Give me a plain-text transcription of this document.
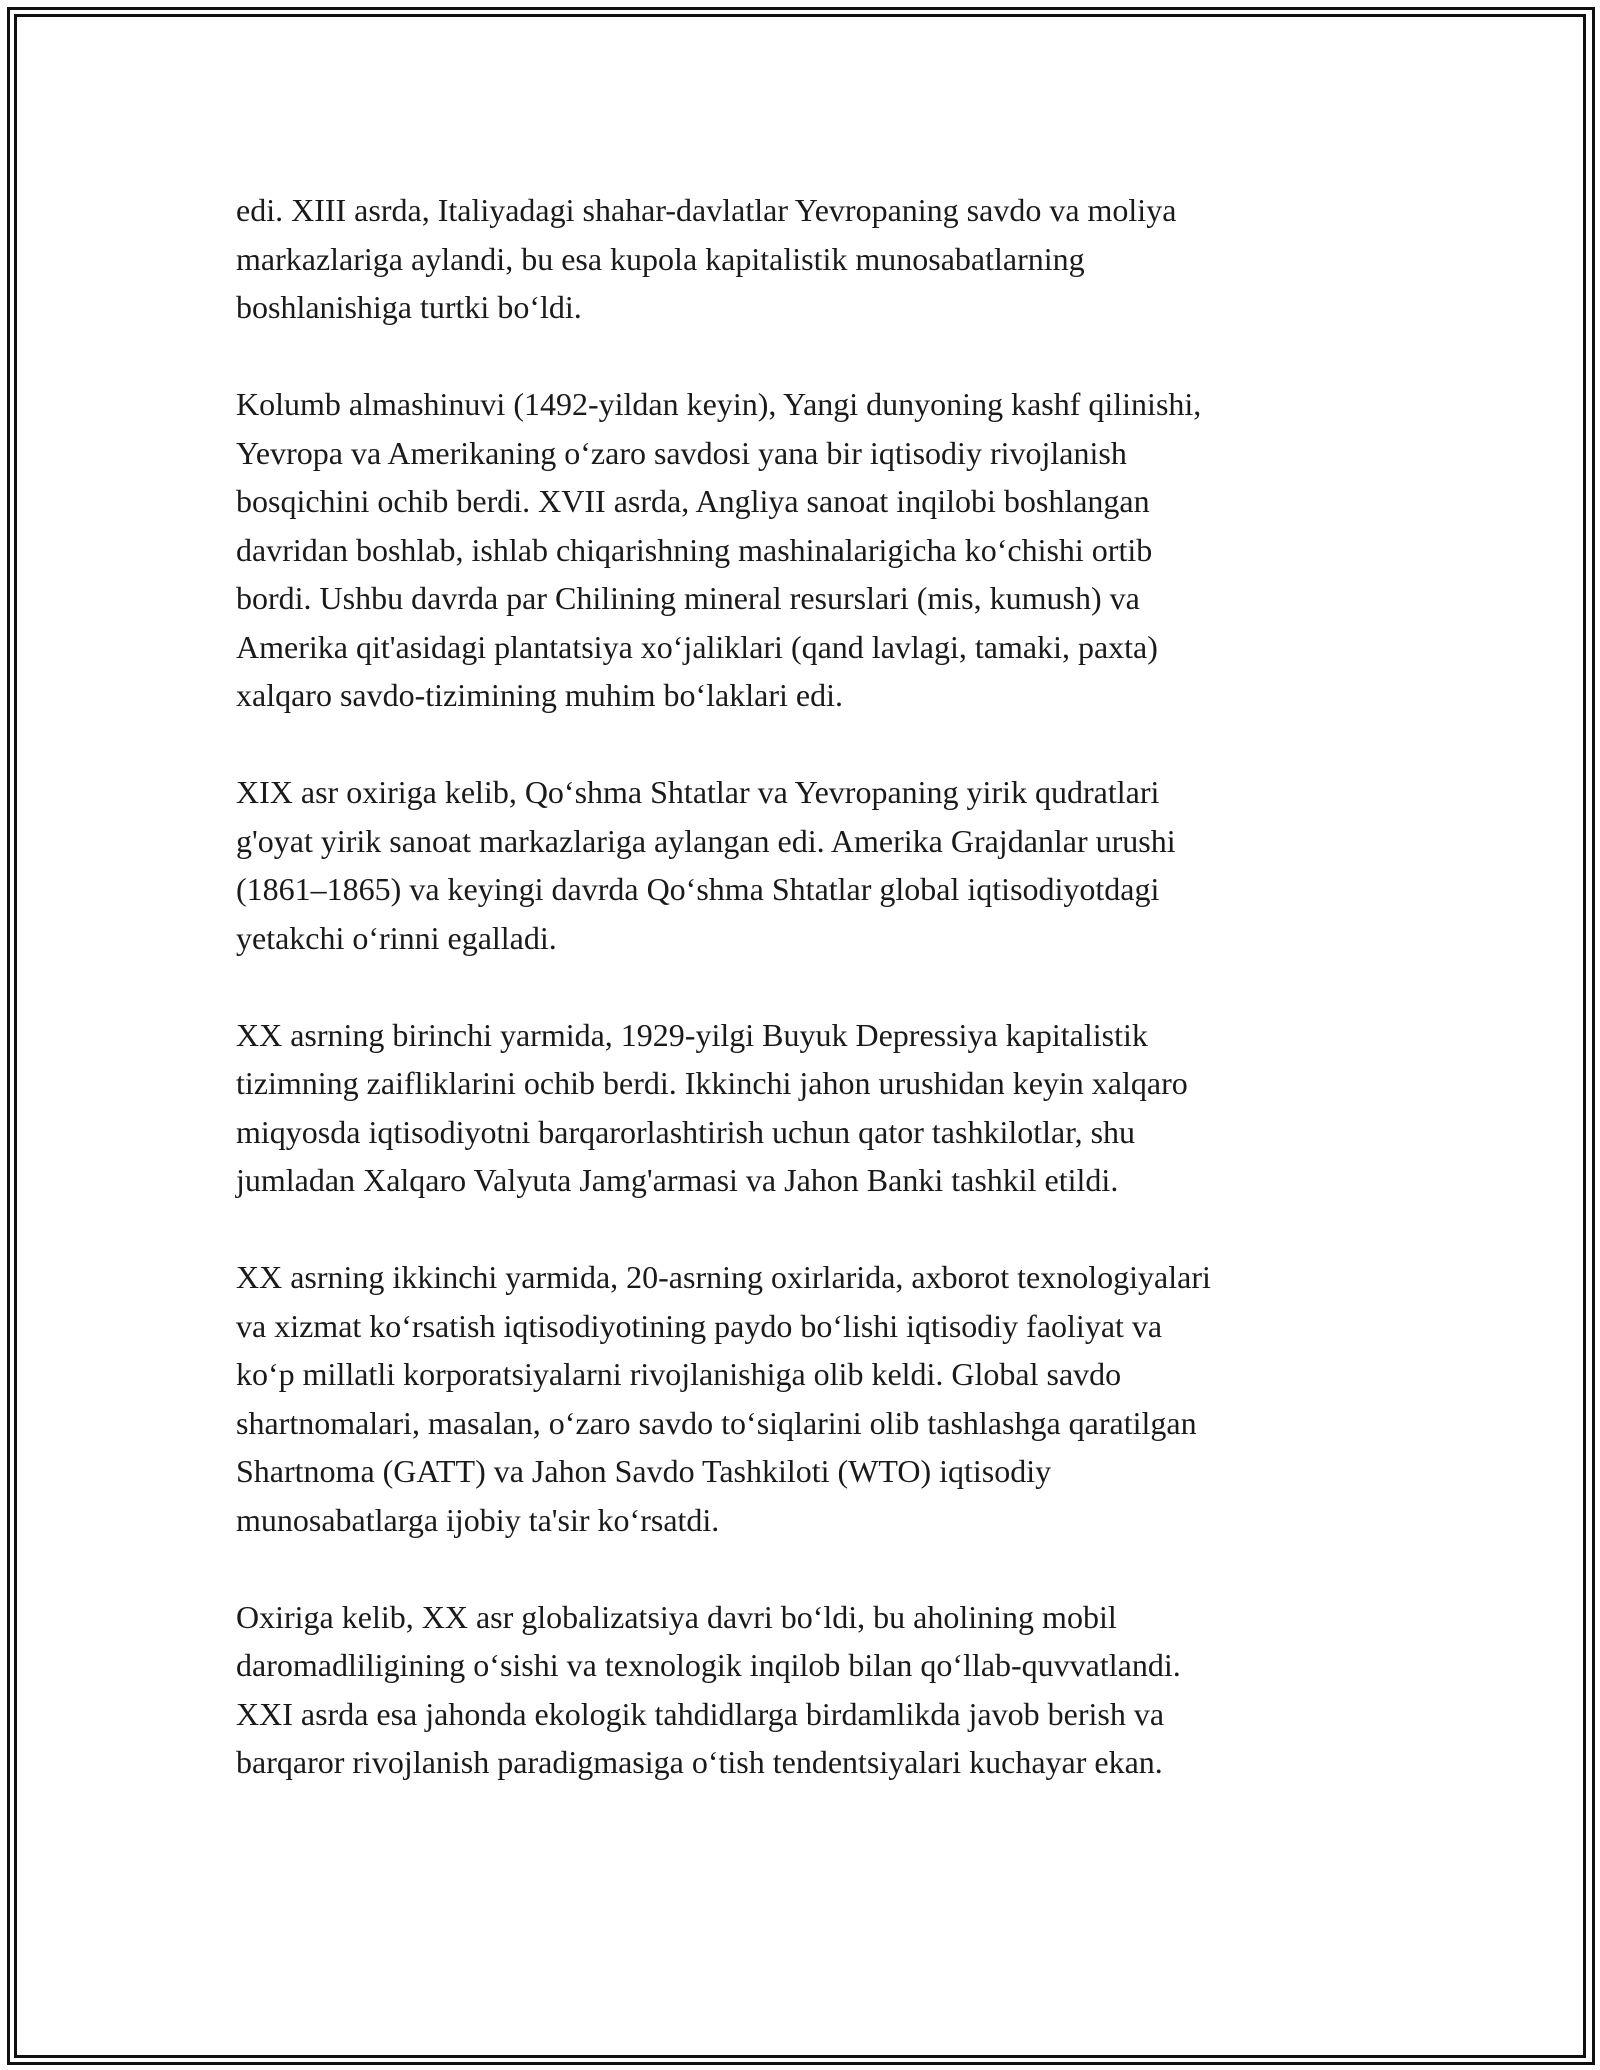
edi. XIII asrda, Italiyadagi shahar-davlatlar Yevropaning savdo va moliya
markazlariga aylandi, bu esa kupola kapitalistik munosabatlarning
boshlanishiga turtki bo‘ldi.

Kolumb almashinuvi (1492-yildan keyin), Yangi dunyoning kashf qilinishi,
Yevropa va Amerikaning o‘zaro savdosi yana bir iqtisodiy rivojlanish
bosqichini ochib berdi. XVII asrda, Angliya sanoat inqilobi boshlangan
davridan boshlab, ishlab chiqarishning mashinalarigicha ko‘chishi ortib
bordi. Ushbu davrda par Chilining mineral resurslari (mis, kumush) va
Amerika qit'asidagi plantatsiya xo‘jaliklari (qand lavlagi, tamaki, paxta)
xalqaro savdo-tizimining muhim bo‘laklari edi.

XIX asr oxiriga kelib, Qo‘shma Shtatlar va Yevropaning yirik qudratlari
g'oyat yirik sanoat markazlariga aylangan edi. Amerika Grajdanlar urushi
(1861–1865) va keyingi davrda Qo‘shma Shtatlar global iqtisodiyotdagi
yetakchi o‘rinni egalladi.

XX asrning birinchi yarmida, 1929-yilgi Buyuk Depressiya kapitalistik
tizimning zaifliklarini ochib berdi. Ikkinchi jahon urushidan keyin xalqaro
miqyosda iqtisodiyotni barqarorlashtirish uchun qator tashkilotlar, shu
jumladan Xalqaro Valyuta Jamg'armasi va Jahon Banki tashkil etildi.

XX asrning ikkinchi yarmida, 20-asrning oxirlarida, axborot texnologiyalari
va xizmat ko‘rsatish iqtisodiyotining paydo bo‘lishi iqtisodiy faoliyat va
ko‘p millatli korporatsiyalarni rivojlanishiga olib keldi. Global savdo
shartnomalari, masalan, o‘zaro savdo to‘siqlarini olib tashlashga qaratilgan
Shartnoma (GATT) va Jahon Savdo Tashkiloti (WTO) iqtisodiy
munosabatlarga ijobiy ta'sir ko‘rsatdi.

Oxiriga kelib, XX asr globalizatsiya davri bo‘ldi, bu aholining mobil
daromadliligining o‘sishi va texnologik inqilob bilan qo‘llab-quvvatlandi.
XXI asrda esa jahonda ekologik tahdidlarga birdamlikda javob berish va
barqaror rivojlanish paradigmasiga o‘tish tendentsiyalari kuchayar ekan.
